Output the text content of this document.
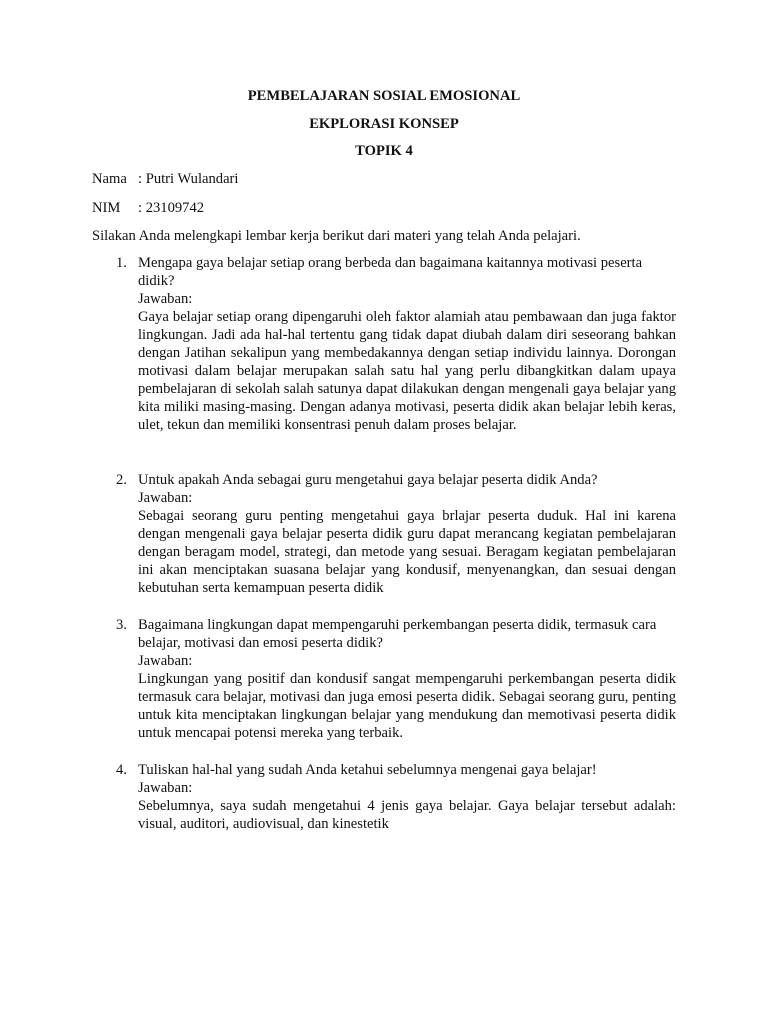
PEMBELAJARAN SOSIAL EMOSIONAL

EKPLORASI KONSEP

TOPIK 4

Nama : Putri Wulandari
NIM : 23109742

Silakan Anda melengkapi lembar kerja berikut dari materi yang telah Anda pelajari.

1. Mengapa gaya belajar setiap orang berbeda dan bagaimana kaitannya motivasi peserta didik?

Jawaban:

Gaya belajar setiap orang dipengaruhi oleh faktor alamiah atau pembawaan dan juga faktor lingkungan. Jadi ada hal-hal tertentu gang tidak dapat diubah dalam diri seseorang bahkan dengan Jatihan sekalipun yang membedakannya dengan setiap individu lainnya. Dorongan motivasi dalam belajar merupakan salah satu hal yang perlu dibangkitkan dalam upaya pembelajaran di sekolah salah satunya dapat dilakukan dengan mengenali gaya belajar yang kita miliki masing-masing. Dengan adanya motivasi, peserta didik akan belajar lebih keras, ulet, tekun dan memiliki konsentrasi penuh dalam proses belajar.

2. Untuk apakah Anda sebagai guru mengetahui gaya belajar peserta didik Anda?

Jawaban:

Sebagai seorang guru penting mengetahui gaya brlajar peserta duduk. Hal ini karena dengan mengenali gaya belajar peserta didik guru dapat merancang kegiatan pembelajaran dengan beragam model, strategi, dan metode yang sesuai. Beragam kegiatan pembelajaran ini akan menciptakan suasana belajar yang kondusif, menyenangkan, dan sesuai dengan kebutuhan serta kemampuan peserta didik

3. Bagaimana lingkungan dapat mempengaruhi perkembangan peserta didik, termasuk cara belajar, motivasi dan emosi peserta didik?

Jawaban:

Lingkungan yang positif dan kondusif sangat mempengaruhi perkembangan peserta didik termasuk cara belajar, motivasi dan juga emosi peserta didik. Sebagai seorang guru, penting untuk kita menciptakan lingkungan belajar yang mendukung dan memotivasi peserta didik untuk mencapai potensi mereka yang terbaik.

4. Tuliskan hal-hal yang sudah Anda ketahui sebelumnya mengenai gaya belajar!

Jawaban:

Sebelumnya, saya sudah mengetahui 4 jenis gaya belajar. Gaya belajar tersebut adalah: visual, auditori, audiovisual, dan kinestetik
